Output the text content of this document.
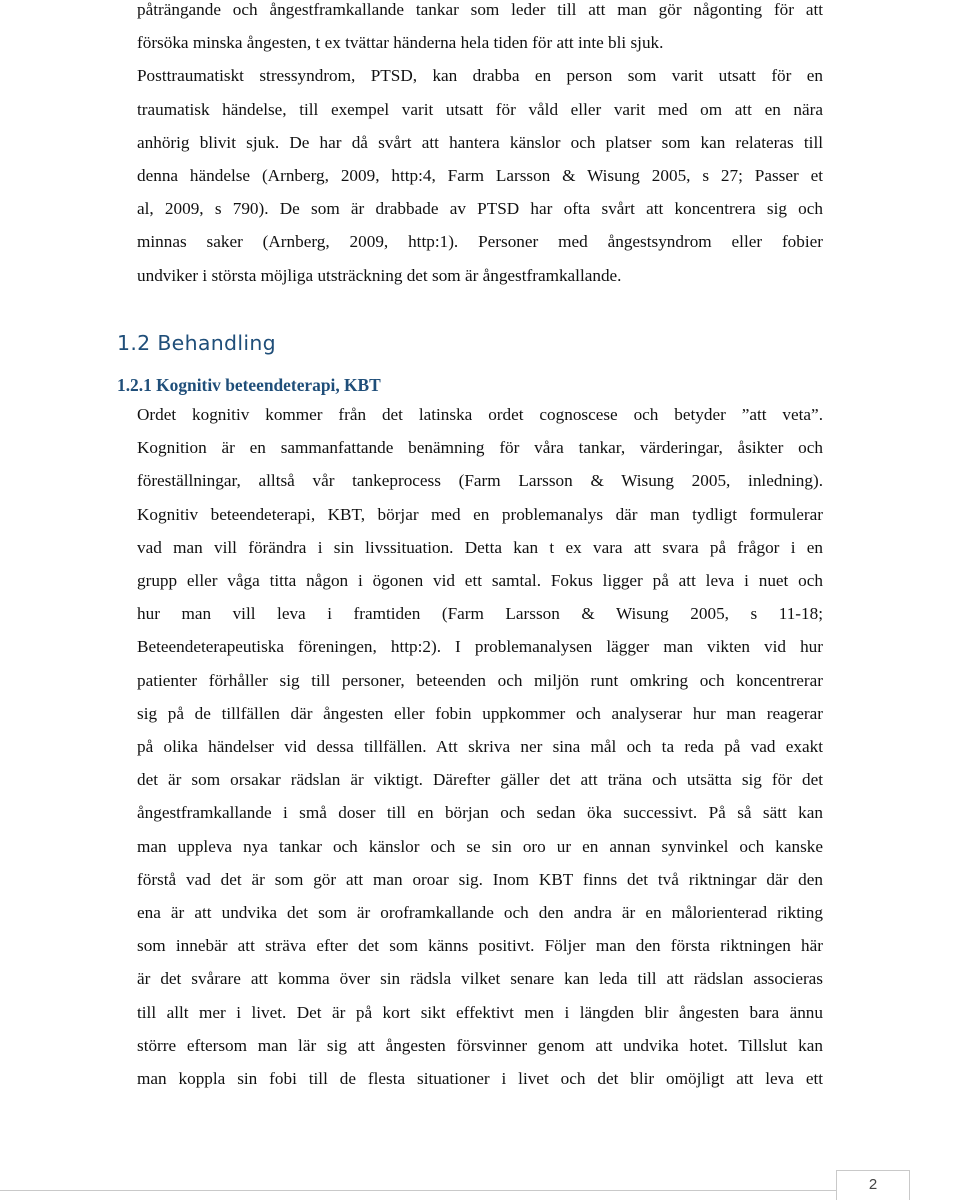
påträngande och ångestframkallande tankar som leder till att man gör någonting för att
försöka minska ångesten, t ex tvättar händerna hela tiden för att inte bli sjuk.
Posttraumatiskt stressyndrom, PTSD, kan drabba en person som varit utsatt för en
traumatisk händelse, till exempel varit utsatt för våld eller varit med om att en nära
anhörig blivit sjuk. De har då svårt att hantera känslor och platser som kan relateras till
denna händelse (Arnberg, 2009, http:4, Farm Larsson & Wisung 2005, s 27; Passer et
al, 2009, s 790). De som är drabbade av PTSD har ofta svårt att koncentrera sig och
minnas saker (Arnberg, 2009, http:1). Personer med ångestsyndrom eller fobier
undviker i största möjliga utsträckning det som är ångestframkallande.
1.2 Behandling
1.2.1 Kognitiv beteendeterapi, KBT
Ordet kognitiv kommer från det latinska ordet cognoscese och betyder ”att veta”.
Kognition är en sammanfattande benämning för våra tankar, värderingar, åsikter och
föreställningar, alltså vår tankeprocess (Farm Larsson & Wisung 2005, inledning).
Kognitiv beteendeterapi, KBT, börjar med en problemanalys där man tydligt formulerar
vad man vill förändra i sin livssituation. Detta kan t ex vara att svara på frågor i en
grupp eller våga titta någon i ögonen vid ett samtal. Fokus ligger på att leva i nuet och
hur man vill leva i framtiden (Farm Larsson & Wisung 2005, s 11-18;
Beteendeterapeutiska föreningen, http:2). I problemanalysen lägger man vikten vid hur
patienter förhåller sig till personer, beteenden och miljön runt omkring och koncentrerar
sig på de tillfällen där ångesten eller fobin uppkommer och analyserar hur man reagerar
på olika händelser vid dessa tillfällen. Att skriva ner sina mål och ta reda på vad exakt
det är som orsakar rädslan är viktigt. Därefter gäller det att träna och utsätta sig för det
ångestframkallande i små doser till en början och sedan öka successivt. På så sätt kan
man uppleva nya tankar och känslor och se sin oro ur en annan synvinkel och kanske
förstå vad det är som gör att man oroar sig. Inom KBT finns det två riktningar där den
ena är att undvika det som är oroframkallande och den andra är en målorienterad rikting
som innebär att sträva efter det som känns positivt. Följer man den första riktningen här
är det svårare att komma över sin rädsla vilket senare kan leda till att rädslan associeras
till allt mer i livet. Det är på kort sikt effektivt men i längden blir ångesten bara ännu
större eftersom man lär sig att ångesten försvinner genom att undvika hotet. Tillslut kan
man koppla sin fobi till de flesta situationer i livet och det blir omöjligt att leva ett
2
